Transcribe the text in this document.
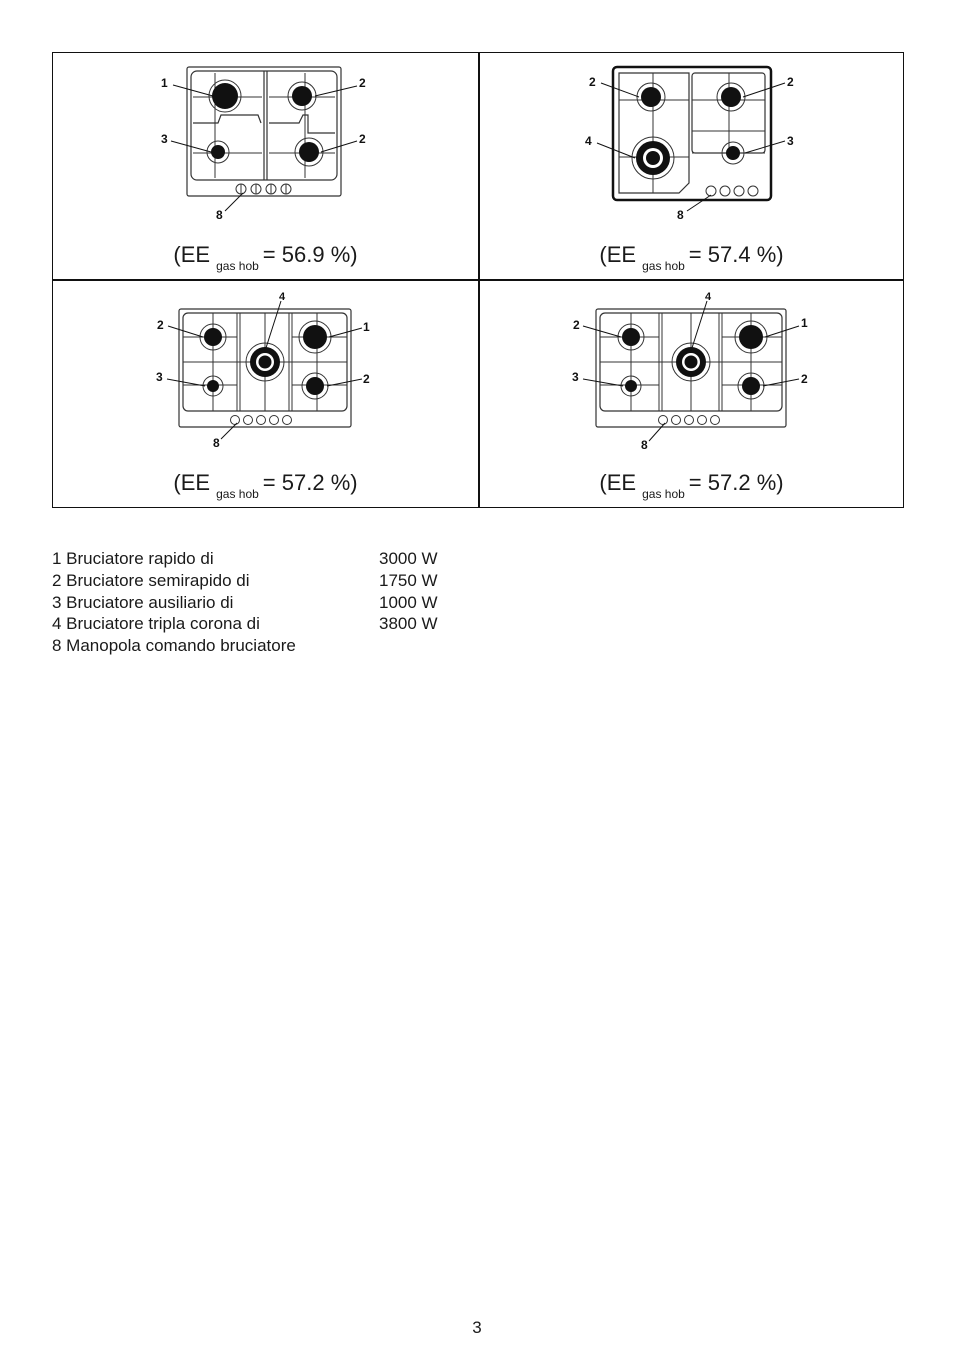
1	2
3	2
8
(EE $_{gas hob}$ = 56.9 %)
2	2
4	3
8
(EE $_{gas hob}$ = 57.4 %)
2
4
1
3	2
8
(EE $_{gas hob}$ = 57.2 %)
2
4
1
3	2
8
(EE $_{gas hob}$ = 57.2 %)
1 Bruciatore rapido di	3000 W
2 Bruciatore semirapido di	1750 W
3 Bruciatore ausiliario di	1000 W
4 Bruciatore tripla corona di	3800 W
8 Manopola comando bruciatore
3
